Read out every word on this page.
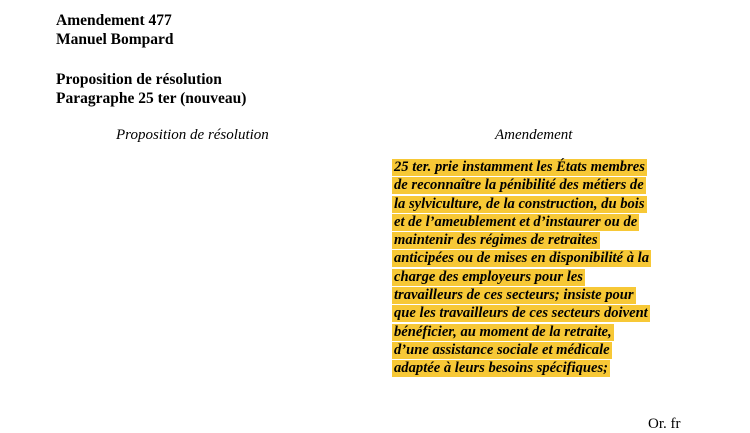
Amendement 477
Manuel Bompard
Proposition de résolution
Paragraphe 25 ter (nouveau)
Proposition de résolution	Amendement
25 ter. prie instamment les États membres
de reconnaître la pénibilité des métiers de
la sylviculture, de la construction, du bois
et de l’ameublement et d’instaurer ou de
maintenir des régimes de retraites
anticipées ou de mises en disponibilité à la
charge des employeurs pour les
travailleurs de ces secteurs; insiste pour
que les travailleurs de ces secteurs doivent
bénéficier, au moment de la retraite,
d’une assistance sociale et médicale
adaptée à leurs besoins spécifiques;
Or. fr
